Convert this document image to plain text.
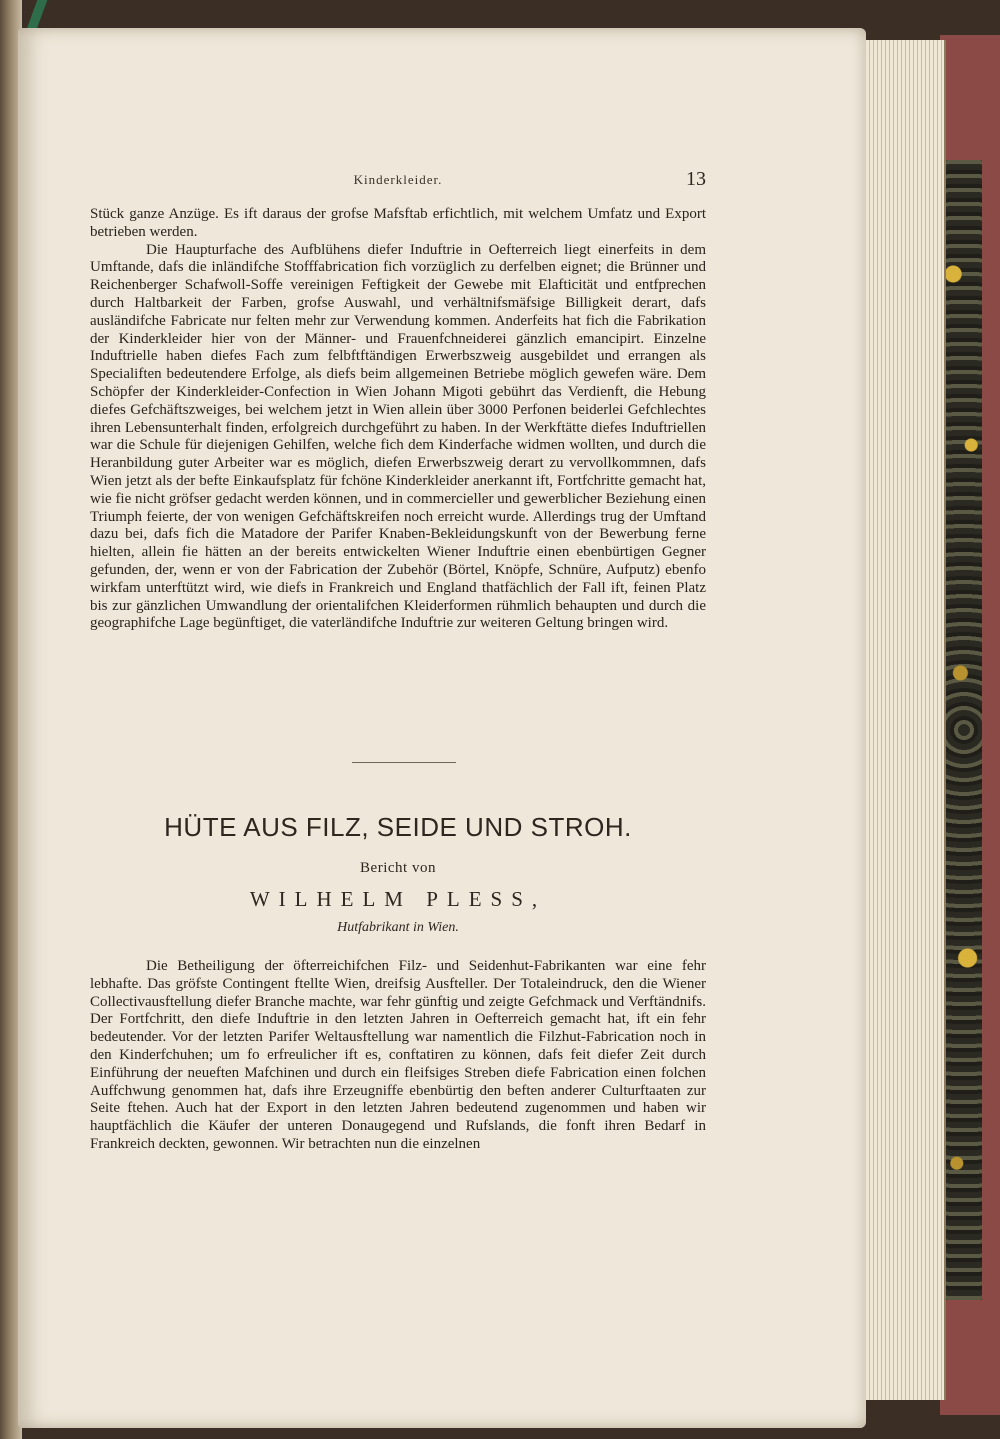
Kinderkleider.	13

Stück ganze Anzüge. Es ift daraus der grofse Mafsftab erfichtlich, mit welchem Umfatz und Export betrieben werden.

Die Haupturfache des Aufblühens diefer Induftrie in Oefterreich liegt einerfeits in dem Umftande, dafs die inländifche Stofffabrication fich vorzüglich zu derfelben eignet; die Brünner und Reichenberger Schafwoll-Soffe vereinigen Feftigkeit der Gewebe mit Elafticität und entfprechen durch Haltbarkeit der Farben, grofse Auswahl, und verhältnifsmäfsige Billigkeit derart, dafs ausländifche Fabricate nur felten mehr zur Verwendung kommen. Anderfeits hat fich die Fabrikation der Kinderkleider hier von der Männer- und Frauenfchneiderei gänzlich emancipirt. Einzelne Induftrielle haben diefes Fach zum felbftftändigen Erwerbszweig ausgebildet und errangen als Specialiften bedeutendere Erfolge, als diefs beim allgemeinen Betriebe möglich gewefen wäre. Dem Schöpfer der Kinderkleider-Confection in Wien Johann Migoti gebührt das Verdienft, die Hebung diefes Gefchäftszweiges, bei welchem jetzt in Wien allein über 3000 Perfonen beiderlei Gefchlechtes ihren Lebensunterhalt finden, erfolgreich durchgeführt zu haben. In der Werkftätte diefes Induftriellen war die Schule für diejenigen Gehilfen, welche fich dem Kinderfache widmen wollten, und durch die Heranbildung guter Arbeiter war es möglich, diefen Erwerbszweig derart zu vervollkommnen, dafs Wien jetzt als der befte Einkaufsplatz für fchöne Kinderkleider anerkannt ift, Fortfchritte gemacht hat, wie fie nicht gröfser gedacht werden können, und in commercieller und gewerblicher Beziehung einen Triumph feierte, der von wenigen Gefchäftskreifen noch erreicht wurde. Allerdings trug der Umftand dazu bei, dafs fich die Matadore der Parifer Knaben-Bekleidungskunft von der Bewerbung ferne hielten, allein fie hätten an der bereits entwickelten Wiener Induftrie einen ebenbürtigen Gegner gefunden, der, wenn er von der Fabrication der Zubehör (Börtel, Knöpfe, Schnüre, Aufputz) ebenfo wirkfam unterftützt wird, wie diefs in Frankreich und England thatfächlich der Fall ift, feinen Platz bis zur gänzlichen Umwandlung der orientalifchen Kleiderformen rühmlich behaupten und durch die geographifche Lage begünftiget, die vaterländifche Induftrie zur weiteren Geltung bringen wird.

HÜTE AUS FILZ, SEIDE UND STROH.
Bericht von
WILHELM PLESS,
Hutfabrikant in Wien.

Die Betheiligung der öfterreichifchen Filz- und Seidenhut-Fabrikanten war eine fehr lebhafte. Das gröfste Contingent ftellte Wien, dreifsig Ausfteller. Der Totaleindruck, den die Wiener Collectivausftellung diefer Branche machte, war fehr günftig und zeigte Gefchmack und Verftändnifs. Der Fortfchritt, den diefe Induftrie in den letzten Jahren in Oefterreich gemacht hat, ift ein fehr bedeutender. Vor der letzten Parifer Weltausftellung war namentlich die Filzhut-Fabrication noch in den Kinderfchuhen; um fo erfreulicher ift es, conftatiren zu können, dafs feit diefer Zeit durch Einführung der neueften Mafchinen und durch ein fleifsiges Streben diefe Fabrication einen folchen Auffchwung genommen hat, dafs ihre Erzeugniffe ebenbürtig den beften anderer Culturftaaten zur Seite ftehen. Auch hat der Export in den letzten Jahren bedeutend zugenommen und haben wir hauptfächlich die Käufer der unteren Donaugegend und Rufslands, die fonft ihren Bedarf in Frankreich deckten, gewonnen. Wir betrachten nun die einzelnen
